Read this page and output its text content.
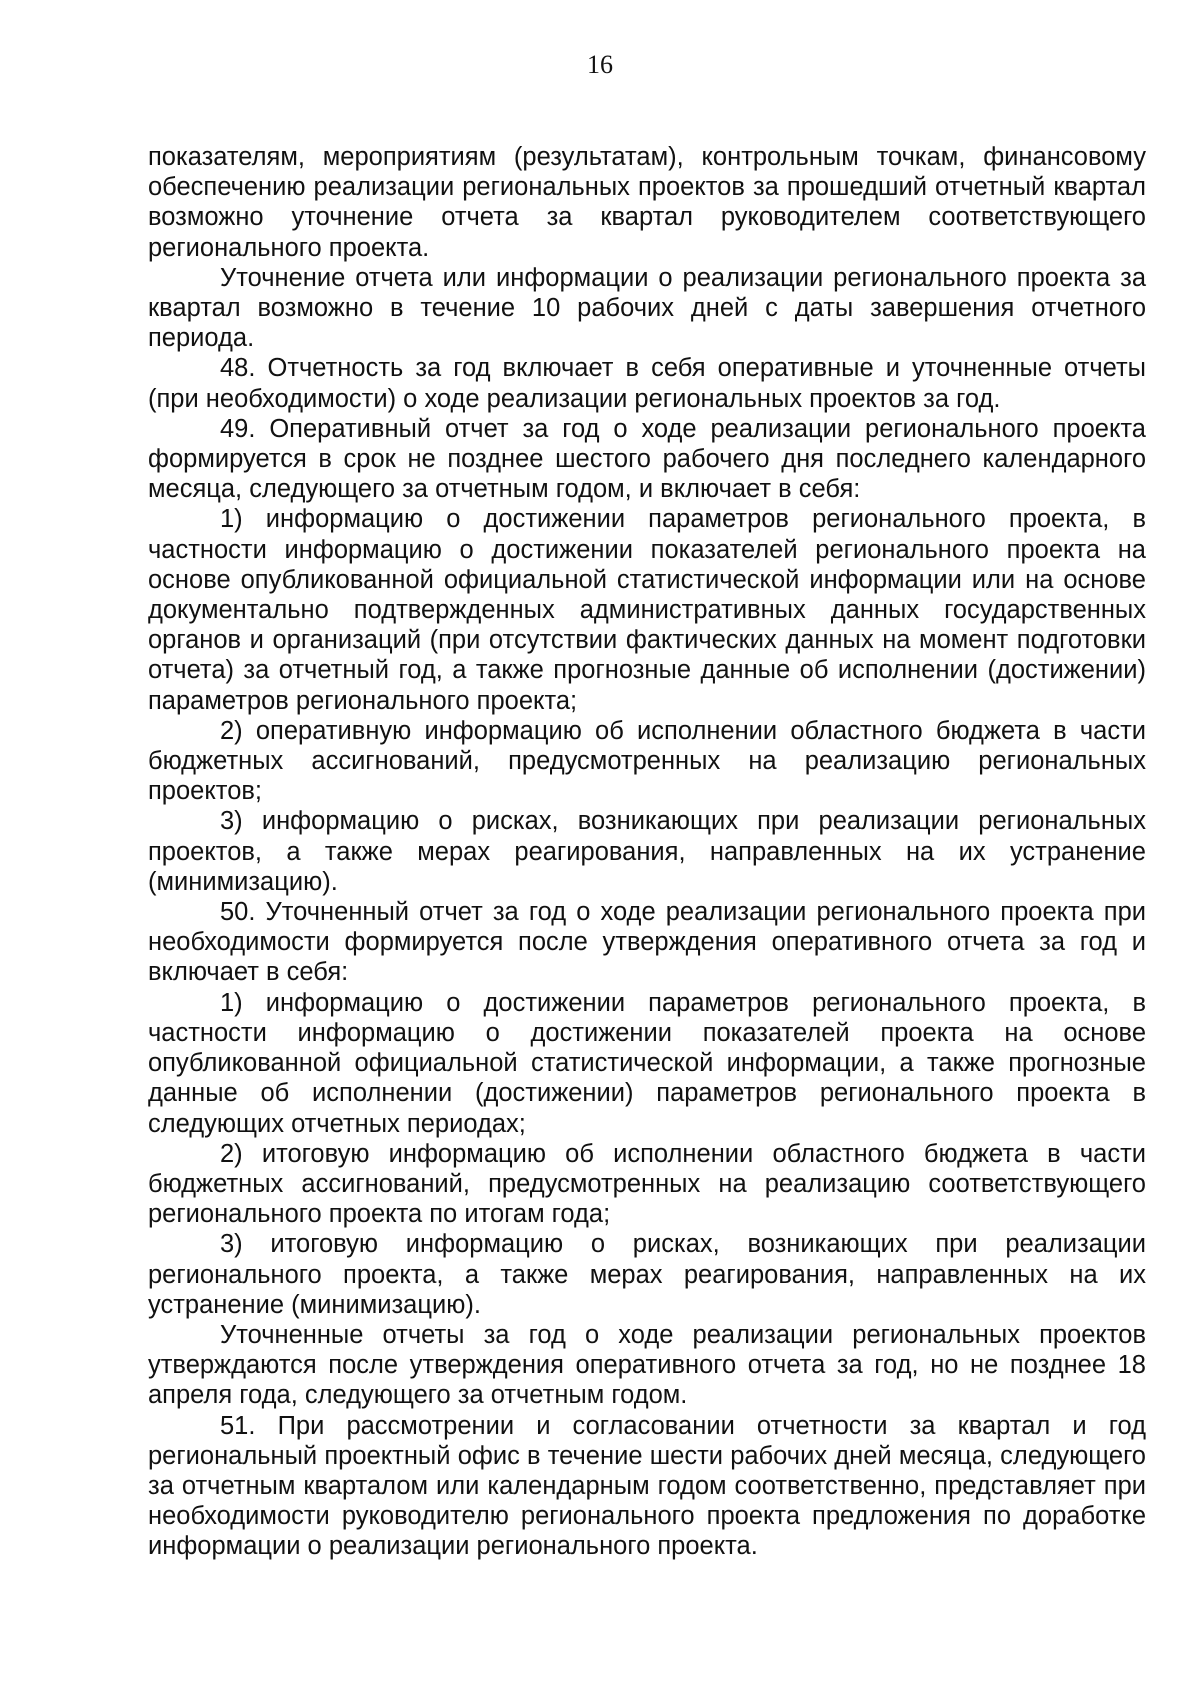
16

показателям, мероприятиям (результатам), контрольным точкам, финансовому обеспечению реализации региональных проектов за прошедший отчетный квартал возможно уточнение отчета за квартал руководителем соответствующего регионального проекта.

Уточнение отчета или информации о реализации регионального проекта за квартал возможно в течение 10 рабочих дней с даты завершения отчетного периода.

48. Отчетность за год включает в себя оперативные и уточненные отчеты (при необходимости) о ходе реализации региональных проектов за год.

49. Оперативный отчет за год о ходе реализации регионального проекта формируется в срок не позднее шестого рабочего дня последнего календарного месяца, следующего за отчетным годом, и включает в себя:

1) информацию о достижении параметров регионального проекта, в частности информацию о достижении показателей регионального проекта на основе опубликованной официальной статистической информации или на основе документально подтвержденных административных данных государственных органов и организаций (при отсутствии фактических данных на момент подготовки отчета) за отчетный год, а также прогнозные данные об исполнении (достижении) параметров регионального проекта;

2) оперативную информацию об исполнении областного бюджета в части бюджетных ассигнований, предусмотренных на реализацию региональных проектов;

3) информацию о рисках, возникающих при реализации региональных проектов, а также мерах реагирования, направленных на их устранение (минимизацию).

50. Уточненный отчет за год о ходе реализации регионального проекта при необходимости формируется после утверждения оперативного отчета за год и включает в себя:

1) информацию о достижении параметров регионального проекта, в частности информацию о достижении показателей проекта на основе опубликованной официальной статистической информации, а также прогнозные данные об исполнении (достижении) параметров регионального проекта в следующих отчетных периодах;

2) итоговую информацию об исполнении областного бюджета в части бюджетных ассигнований, предусмотренных на реализацию соответствующего регионального проекта по итогам года;

3) итоговую информацию о рисках, возникающих при реализации регионального проекта, а также мерах реагирования, направленных на их устранение (минимизацию).

Уточненные отчеты за год о ходе реализации региональных проектов утверждаются после утверждения оперативного отчета за год, но не позднее 18 апреля года, следующего за отчетным годом.

51. При рассмотрении и согласовании отчетности за квартал и год региональный проектный офис в течение шести рабочих дней месяца, следующего за отчетным кварталом или календарным годом соответственно, представляет при необходимости руководителю регионального проекта предложения по доработке информации о реализации регионального проекта.
